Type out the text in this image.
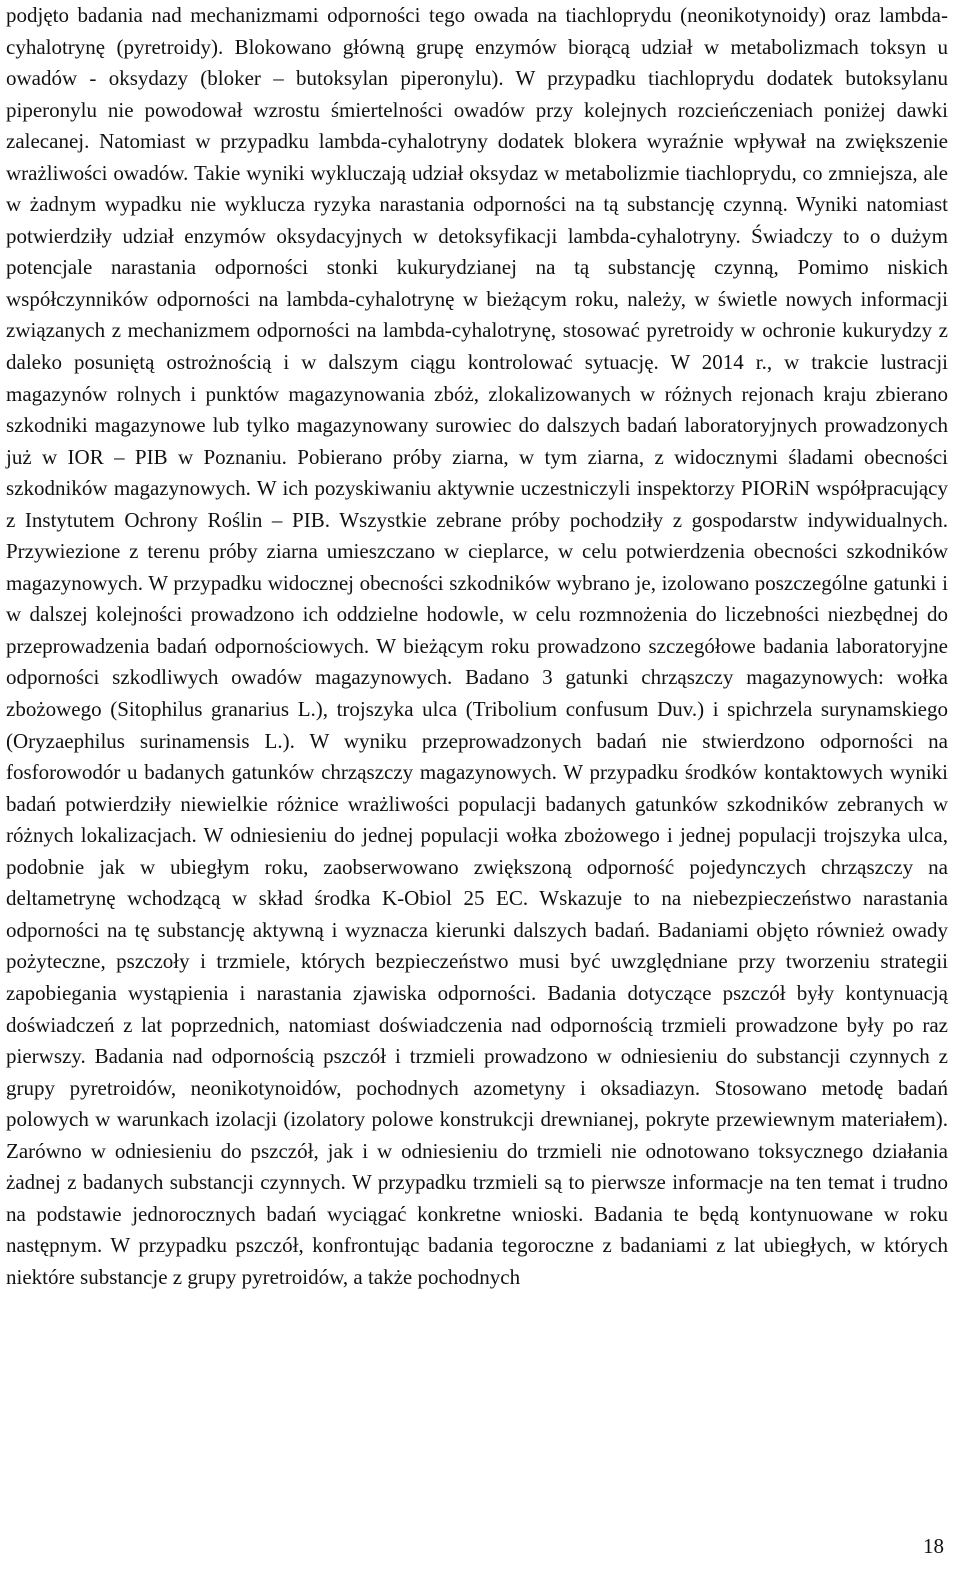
podjęto badania nad mechanizmami odporności tego owada na tiachloprydu (neonikotynoidy) oraz lambda-cyhalotrynę (pyretroidy). Blokowano główną grupę enzymów biorącą udział w metabolizmach toksyn u owadów - oksydazy (bloker – butoksylan piperonylu). W przypadku tiachloprydu dodatek butoksylanu piperonylu nie powodował wzrostu śmiertelności owadów przy kolejnych rozcieńczeniach poniżej dawki zalecanej. Natomiast w przypadku lambda-cyhalotryny dodatek blokera wyraźnie wpływał na zwiększenie wrażliwości owadów. Takie wyniki wykluczają udział oksydaz w metabolizmie tiachloprydu, co zmniejsza, ale w żadnym wypadku nie wyklucza ryzyka narastania odporności na tą substancję czynną. Wyniki natomiast potwierdziły udział enzymów oksydacyjnych w detoksyfikacji lambda-cyhalotryny. Świadczy to o dużym potencjale narastania odporności stonki kukurydzianej na tą substancję czynną, Pomimo niskich współczynników odporności na lambda-cyhalotrynę w bieżącym roku, należy, w świetle nowych informacji związanych z mechanizmem odporności na lambda-cyhalotrynę, stosować pyretroidy w ochronie kukurydzy z daleko posuniętą ostrożnością i w dalszym ciągu kontrolować sytuację. W 2014 r., w trakcie lustracji magazynów rolnych i punktów magazynowania zbóż, zlokalizowanych w różnych rejonach kraju zbierano szkodniki magazynowe lub tylko magazynowany surowiec do dalszych badań laboratoryjnych prowadzonych już w IOR – PIB w Poznaniu. Pobierano próby ziarna, w tym ziarna, z widocznymi śladami obecności szkodników magazynowych. W ich pozyskiwaniu aktywnie uczestniczyli inspektorzy PIORiN współpracujący z Instytutem Ochrony Roślin – PIB. Wszystkie zebrane próby pochodziły z gospodarstw indywidualnych. Przywiezione z terenu próby ziarna umieszczano w cieplarce, w celu potwierdzenia obecności szkodników magazynowych. W przypadku widocznej obecności szkodników wybrano je, izolowano poszczególne gatunki i w dalszej kolejności prowadzono ich oddzielne hodowle, w celu rozmnożenia do liczebności niezbędnej do przeprowadzenia badań odpornościowych. W bieżącym roku prowadzono szczegółowe badania laboratoryjne odporności szkodliwych owadów magazynowych. Badano 3 gatunki chrząszczy magazynowych: wołka zbożowego (Sitophilus granarius L.), trojszyka ulca (Tribolium confusum Duv.) i spichrzela surynamskiego (Oryzaephilus surinamensis L.). W wyniku przeprowadzonych badań nie stwierdzono odporności na fosforowodór u badanych gatunków chrząszczy magazynowych. W przypadku środków kontaktowych wyniki badań potwierdziły niewielkie różnice wrażliwości populacji badanych gatunków szkodników zebranych w różnych lokalizacjach. W odniesieniu do jednej populacji wołka zbożowego i jednej populacji trojszyka ulca, podobnie jak w ubiegłym roku, zaobserwowano zwiększoną odporność pojedynczych chrząszczy na deltametrynę wchodzącą w skład środka K-Obiol 25 EC. Wskazuje to na niebezpieczeństwo narastania odporności na tę substancję aktywną i wyznacza kierunki dalszych badań. Badaniami objęto również owady pożyteczne, pszczoły i trzmiele, których bezpieczeństwo musi być uwzględniane przy tworzeniu strategii zapobiegania wystąpienia i narastania zjawiska odporności. Badania dotyczące pszczół były kontynuacją doświadczeń z lat poprzednich, natomiast doświadczenia nad odpornością trzmieli prowadzone były po raz pierwszy. Badania nad odpornością pszczół i trzmieli prowadzono w odniesieniu do substancji czynnych z grupy pyretroidów, neonikotynoidów, pochodnych azometyny i oksadiazyn. Stosowano metodę badań polowych w warunkach izolacji (izolatory polowe konstrukcji drewnianej, pokryte przewiewnym materiałem). Zarówno w odniesieniu do pszczół, jak i w odniesieniu do trzmieli nie odnotowano toksycznego działania żadnej z badanych substancji czynnych. W przypadku trzmieli są to pierwsze informacje na ten temat i trudno na podstawie jednorocznych badań wyciągać konkretne wnioski. Badania te będą kontynuowane w roku następnym. W przypadku pszczół, konfrontując badania tegoroczne z badaniami z lat ubiegłych, w których niektóre substancje z grupy pyretroidów, a także pochodnych

18
